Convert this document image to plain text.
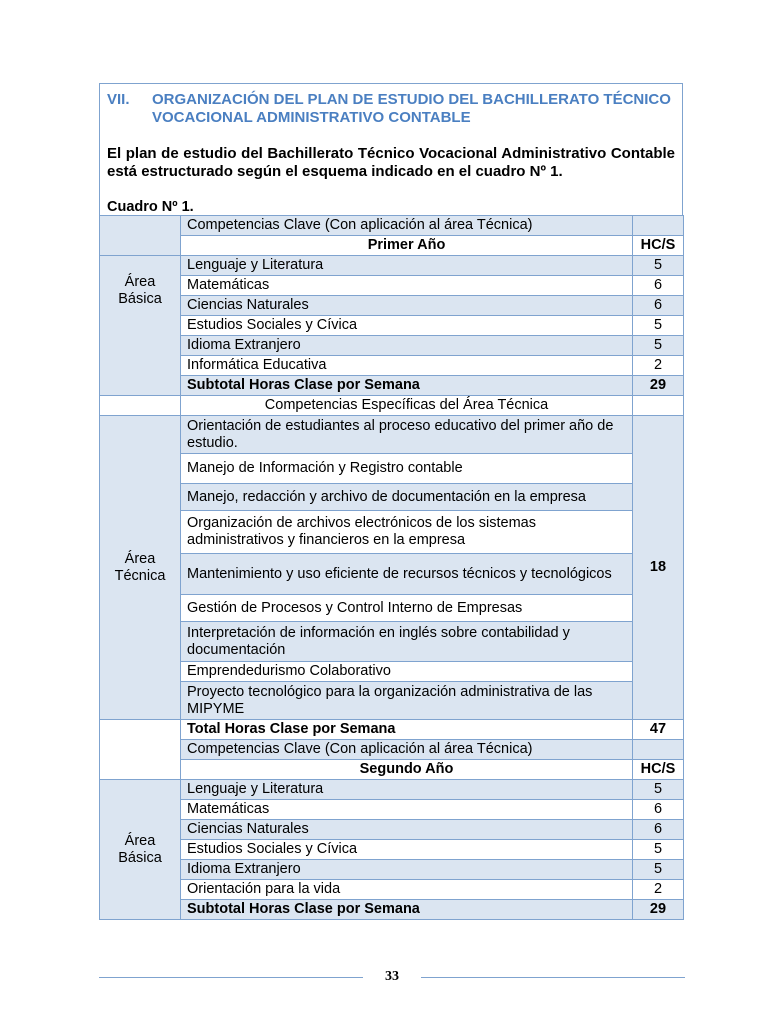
VII. ORGANIZACIÓN DEL PLAN DE ESTUDIO DEL BACHILLERATO TÉCNICO VOCACIONAL ADMINISTRATIVO CONTABLE
El plan de estudio del Bachillerato Técnico Vocacional Administrativo Contable está estructurado según el esquema indicado en el cuadro Nº 1.
Cuadro Nº 1.
	Competencias Clave (Con aplicación al área Técnica)	
	Primer Año	HC/S
Área Básica	Lenguaje y Literatura	5
	Matemáticas	6
	Ciencias Naturales	6
	Estudios Sociales y Cívica	5
	Idioma Extranjero	5
	Informática Educativa	2
	Subtotal Horas Clase por Semana	29
	Competencias Específicas del Área Técnica	
Área Técnica	Orientación de estudiantes al proceso educativo del primer año de estudio.	18
	Manejo de Información y Registro contable	
	Manejo, redacción y archivo de documentación en la empresa	
	Organización de archivos electrónicos de los sistemas administrativos y financieros en la empresa	
	Mantenimiento y uso eficiente de recursos técnicos y tecnológicos	
	Gestión de Procesos y Control Interno de Empresas	
	Interpretación de información en inglés sobre contabilidad y documentación	
	Emprendedurismo Colaborativo	
	Proyecto tecnológico para la organización administrativa de las MIPYME	
	Total Horas Clase por Semana	47
	Competencias Clave (Con aplicación al área Técnica)	
	Segundo Año	HC/S
Área Básica	Lenguaje y Literatura	5
	Matemáticas	6
	Ciencias Naturales	6
	Estudios Sociales y Cívica	5
	Idioma Extranjero	5
	Orientación para la vida	2
	Subtotal Horas Clase por Semana	29
33
